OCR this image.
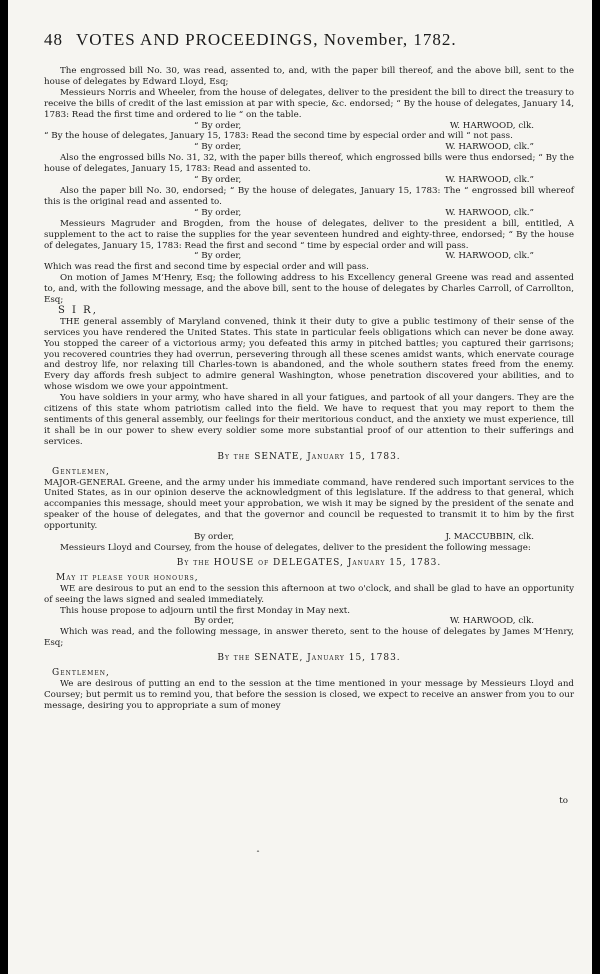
48 VOTES AND PROCEEDINGS, November, 1782.

The engrossed bill No. 30, was read, assented to, and, with the paper bill thereof, and the above bill, sent to the house of delegates by Edward Lloyd, Esq;

Messieurs Norris and Wheeler, from the house of delegates, deliver to the president the bill to direct the treasury to receive the bills of credit of the last emission at par with specie, &c. endorsed; “ By the house of delegates, January 14, 1783: Read the first time and ordered to lie “ on the table.

“ By order,	W. HARWOOD, clk.

“ By the house of delegates, January 15, 1783: Read the second time by especial order and will “ not pass.

“ By order,	W. HARWOOD, clk.”

Also the engrossed bills No. 31, 32, with the paper bills thereof, which engrossed bills were thus endorsed; “ By the house of delegates, January 15, 1783: Read and assented to.

“ By order,	W. HARWOOD, clk.”

Also the paper bill No. 30, endorsed; “ By the house of delegates, January 15, 1783: The “ engrossed bill whereof this is the original read and assented to.

“ By order,	W. HARWOOD, clk.”

Messieurs Magruder and Brogden, from the house of delegates, deliver to the president a bill, entitled, A supplement to the act to raise the supplies for the year seventeen hundred and eighty-three, endorsed; “ By the house of delegates, January 15, 1783: Read the first and second “ time by especial order and will pass.

“ By order,	W. HARWOOD, clk.”

Which was read the first and second time by especial order and will pass.

On motion of James M‘Henry, Esq; the following address to his Excellency general Greene was read and assented to, and, with the following message, and the above bill, sent to the house of delegates by Charles Carroll, of Carrollton, Esq;

S I R,

THE general assembly of Maryland convened, think it their duty to give a public testimony of their sense of the services you have rendered the United States. This state in particular feels obligations which can never be done away. You stopped the career of a victorious army; you defeated this army in pitched battles; you captured their garrisons; you recovered countries they had overrun, persevering through all these scenes amidst wants, which enervate courage and destroy life, nor relaxing till Charles-town is abandoned, and the whole southern states freed from the enemy. Every day affords fresh subject to admire general Washington, whose penetration discovered your abilities, and to whose wisdom we owe your appointment.

You have soldiers in your army, who have shared in all your fatigues, and partook of all your dangers. They are the citizens of this state whom patriotism called into the field. We have to request that you may report to them the sentiments of this general assembly, our feelings for their meritorious conduct, and the anxiety we must experience, till it shall be in our power to shew every soldier some more substantial proof of our attention to their sufferings and services.

By the SENATE, January 15, 1783.

Gentlemen,

MAJOR-GENERAL Greene, and the army under his immediate command, have rendered such important services to the United States, as in our opinion deserve the acknowledgment of this legislature. If the address to that general, which accompanies this message, should meet your approbation, we wish it may be signed by the president of the senate and speaker of the house of delegates, and that the governor and council be requested to transmit it to him by the first opportunity.

By order,	J. MACCUBBIN, clk.

Messieurs Lloyd and Coursey, from the house of delegates, deliver to the president the following message:

By the HOUSE of DELEGATES, January 15, 1783.

May it please your honours,

WE are desirous to put an end to the session this afternoon at two o'clock, and shall be glad to have an opportunity of seeing the laws signed and sealed immediately.

This house propose to adjourn until the first Monday in May next.

By order,	W. HARWOOD, clk.

Which was read, and the following message, in answer thereto, sent to the house of delegates by James M‘Henry, Esq;

By the SENATE, January 15, 1783.

Gentlemen,

We are desirous of putting an end to the session at the time mentioned in your message by Messieurs Lloyd and Coursey; but permit us to remind you, that before the session is closed, we expect to receive an answer from you to our message, desiring you to appropriate a sum of money

to
ˆ
